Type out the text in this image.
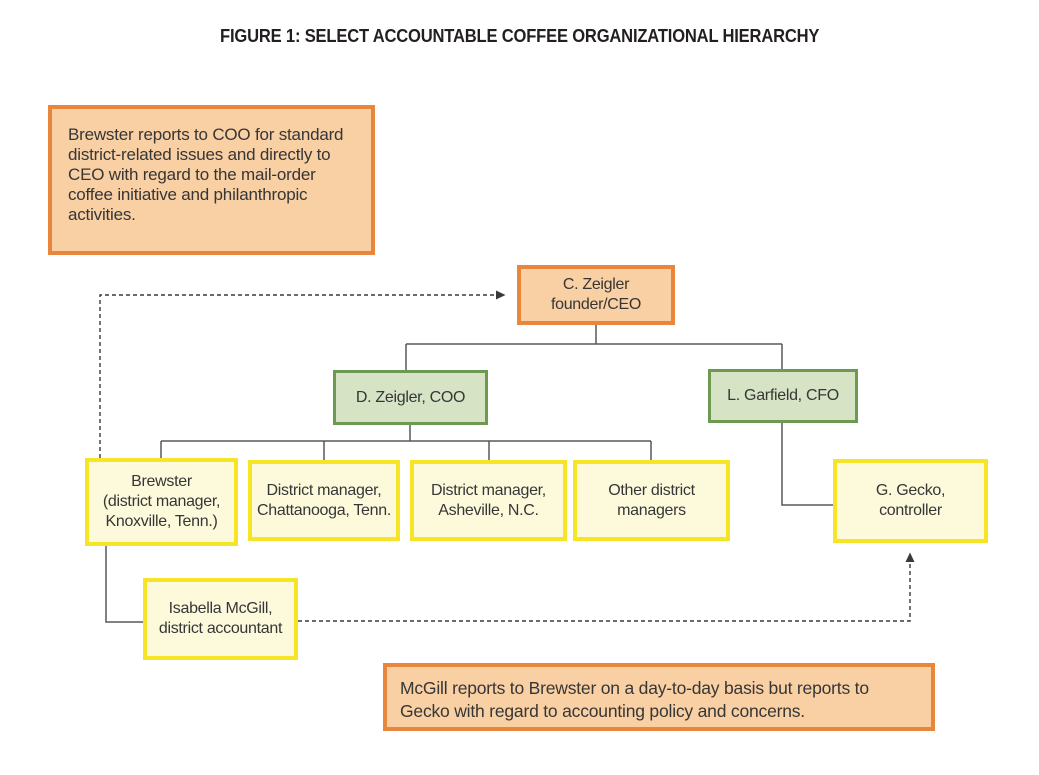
FIGURE 1: SELECT ACCOUNTABLE COFFEE ORGANIZATIONAL HIERARCHY

Brewster reports to COO for standard district-related issues and directly to CEO with regard to the mail-order coffee initiative and philanthropic activities.

C. Zeigler
founder/CEO
D. Zeigler, COO	L. Garfield, CFO
Brewster
(district manager,
Knoxville, Tenn.)
District manager,
Chattanooga, Tenn.
District manager,
Asheville, N.C.
Other district
managers
G. Gecko,
controller
Isabella McGill,
district accountant

McGill reports to Brewster on a day-to-day basis but reports to Gecko with regard to accounting policy and concerns.
